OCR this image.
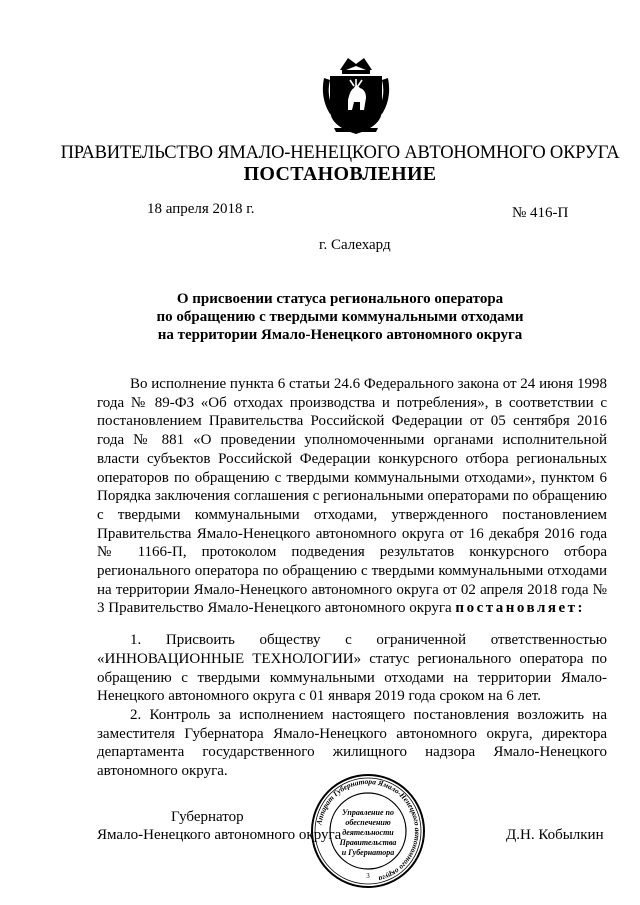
ПРАВИТЕЛЬСТВО ЯМАЛО-НЕНЕЦКОГО АВТОНОМНОГО ОКРУГА
ПОСТАНОВЛЕНИЕ
18 апреля 2018 г.	№ 416-П
г. Салехард
О присвоении статуса регионального оператора
по обращению с твердыми коммунальными отходами
на территории Ямало-Ненецкого автономного округа

Во исполнение пункта 6 статьи 24.6 Федерального закона от 24 июня 1998 года № 89-ФЗ «Об отходах производства и потребления», в соответствии с постановлением Правительства Российской Федерации от 05 сентября 2016 года № 881 «О проведении уполномоченными органами исполнительной власти субъектов Российской Федерации конкурсного отбора региональных операторов по обращению с твердыми коммунальными отходами», пунктом 6 Порядка заключения соглашения с региональными операторами по обращению с твердыми коммунальными отходами, утвержденного постановлением Правительства Ямало-Ненецкого автономного округа от 16 декабря 2016 года № 1166-П, протоколом подведения результатов конкурсного отбора регионального оператора по обращению с твердыми коммунальными отходами на территории Ямало-Ненецкого автономного округа от 02 апреля 2018 года № 3 Правительство Ямало-Ненецкого автономного округа постановляет:

1. Присвоить обществу с ограниченной ответственностью «ИННОВАЦИОННЫЕ ТЕХНОЛОГИИ» статус регионального оператора по обращению с твердыми коммунальными отходами на территории Ямало-Ненецкого автономного округа с 01 января 2019 года сроком на 6 лет.

2. Контроль за исполнением настоящего постановления возложить на заместителя Губернатора Ямало-Ненецкого автономного округа, директора департамента государственного жилищного надзора Ямало-Ненецкого автономного округа.

Губернатор
Ямало-Ненецкого автономного округа	Д.Н. Кобылкин
Аппарат Губернатора Ямало-Ненецкого автономного округа
Управление по
обеспечению
деятельности
Правительства
и Губернатора
3
